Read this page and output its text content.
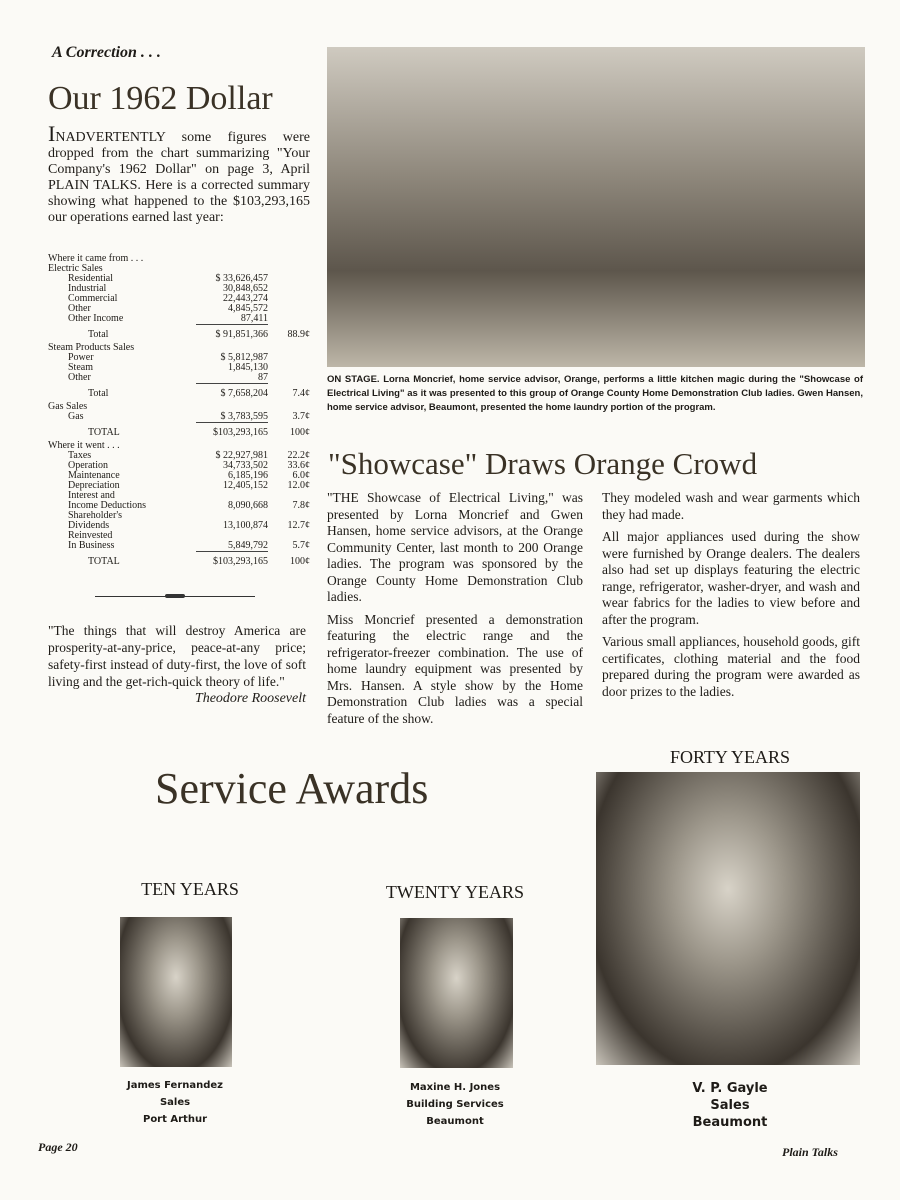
A Correction . . .
Our 1962 Dollar
INADVERTENTLY some figures were dropped from the chart summarizing "Your Company's 1962 Dollar" on page 3, April PLAIN TALKS. Here is a corrected summary showing what happened to the $103,293,165 our operations earned last year:
Where it came from . . .		
Electric Sales		
Residential	$ 33,626,457	
Industrial	30,848,652	
Commercial	22,443,274	
Other	4,845,572	
Other Income	87,411	
Total	$ 91,851,366	88.9¢
Steam Products Sales		
Power	$ 5,812,987	
Steam	1,845,130	
Other	87	
Total	$ 7,658,204	7.4¢
Gas Sales		
Gas	$ 3,783,595	3.7¢
TOTAL	$103,293,165	100¢
Where it went . . .		
Taxes	$ 22,927,981	22.2¢
Operation	34,733,502	33.6¢
Maintenance	6,185,196	6.0¢
Depreciation	12,405,152	12.0¢
Interest and		
Income Deductions	8,090,668	7.8¢
Shareholder's		
Dividends	13,100,874	12.7¢
Reinvested		
In Business	5,849,792	5.7¢
TOTAL	$103,293,165	100¢
"The things that will destroy America are prosperity-at-any-price, peace-at-any price; safety-first instead of duty-first, the love of soft living and the get-rich-quick theory of life."
Theodore Roosevelt
ON STAGE. Lorna Moncrief, home service advisor, Orange, performs a little kitchen magic during the "Showcase of Electrical Living" as it was presented to this group of Orange County Home Demonstration Club ladies. Gwen Hansen, home service advisor, Beaumont, presented the home laundry portion of the program.
"Showcase" Draws Orange Crowd

"THE Showcase of Electrical Living," was presented by Lorna Moncrief and Gwen Hansen, home service advisors, at the Orange Community Center, last month to 200 Orange ladies. The program was sponsored by the Orange County Home Demonstration Club ladies.

Miss Moncrief presented a demonstration featuring the electric range and the refrigerator-freezer combination. The use of home laundry equipment was presented by Mrs. Hansen. A style show by the Home Demonstration Club ladies was a special feature of the show.

They modeled wash and wear garments which they had made.

All major appliances used during the show were furnished by Orange dealers. The dealers also had set up displays featuring the electric range, refrigerator, washer-dryer, and wash and wear fabrics for the ladies to view before and after the program.

Various small appliances, household goods, gift certificates, clothing material and the food prepared during the program were awarded as door prizes to the ladies.

Service Awards
TEN YEARS
James Fernandez
Sales
Port Arthur
TWENTY YEARS
Maxine H. Jones
Building Services
Beaumont
FORTY YEARS
V. P. Gayle
Sales
Beaumont
Page 20	Plain Talks
